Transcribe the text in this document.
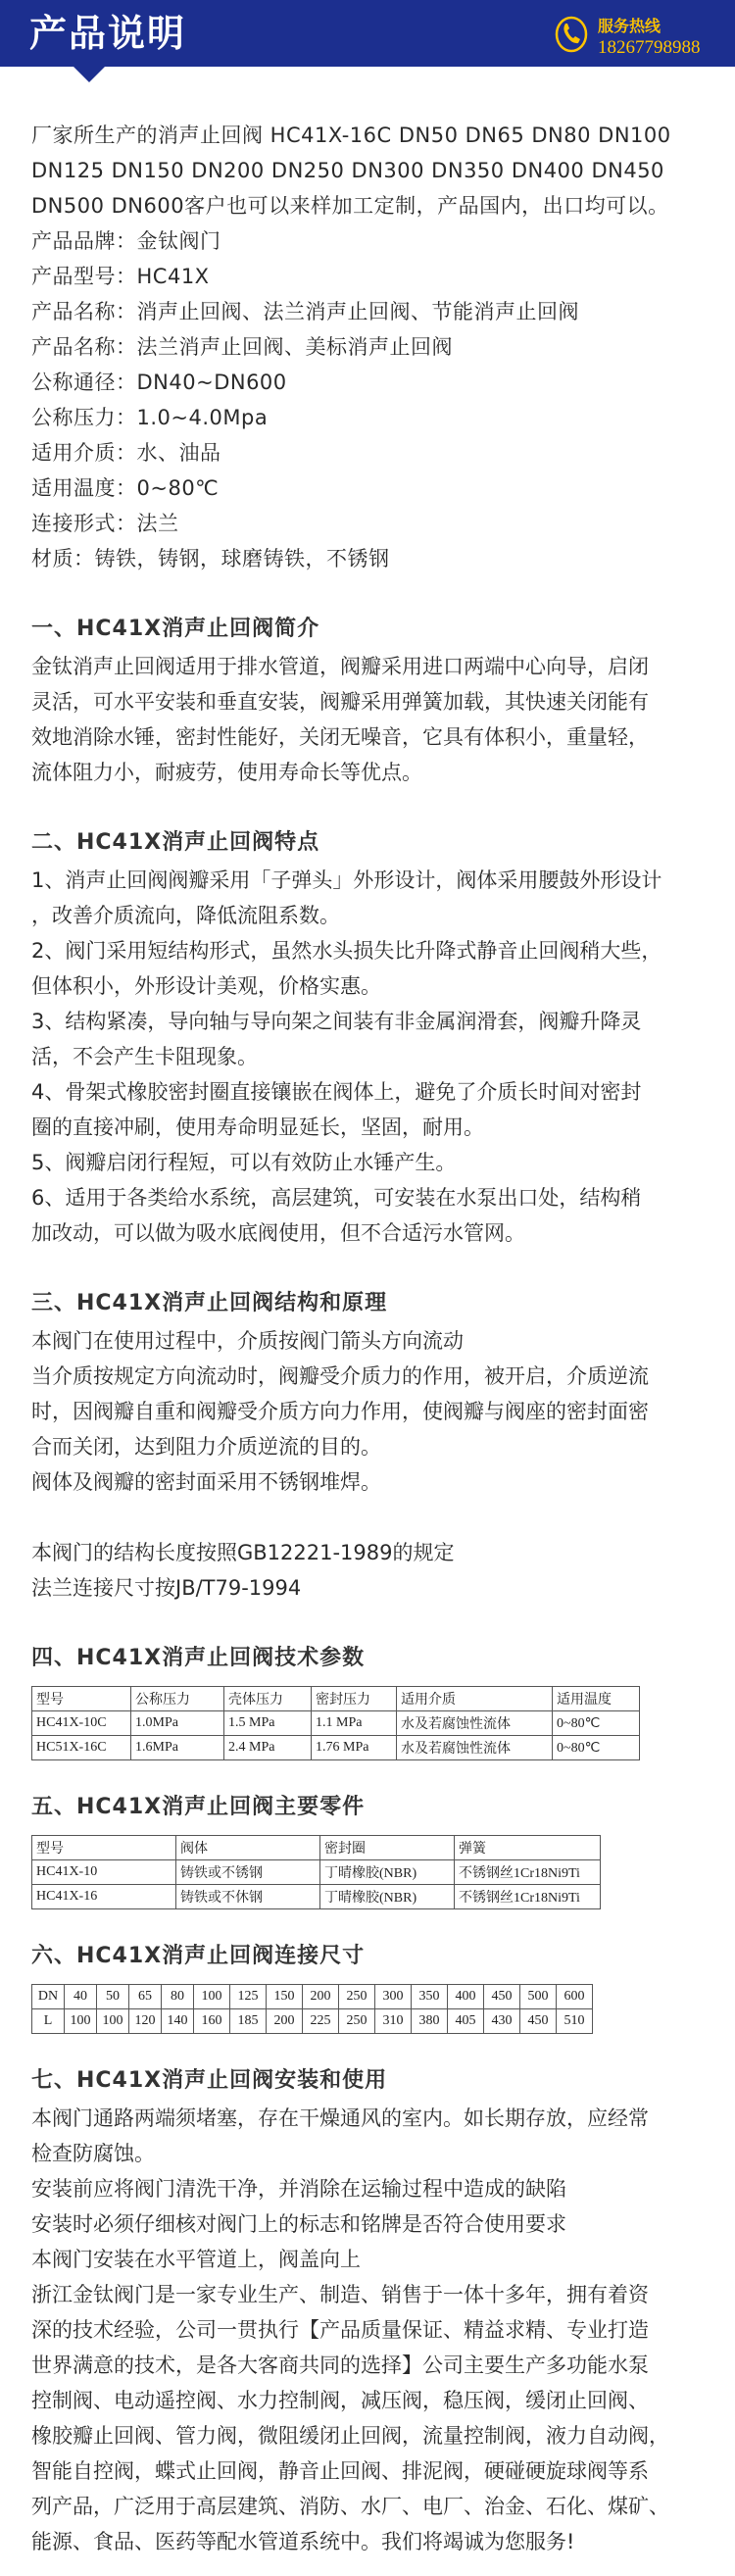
产品说明	服务热线
18267798988

厂家所生产的消声止回阀 HC41X-16C DN50 DN65 DN80 DN100

DN125 DN150 DN200 DN250 DN300 DN350 DN400 DN450

DN500 DN600客户也可以来样加工定制，产品国内，出口均可以。

产品品牌：金钛阀门

产品型号：HC41X

产品名称：消声止回阀、法兰消声止回阀、节能消声止回阀

产品名称：法兰消声止回阀、美标消声止回阀

公称通径：DN40~DN600

公称压力：1.0~4.0Mpa

适用介质：水、油品

适用温度：0~80℃

连接形式：法兰

材质：铸铁，铸钢，球磨铸铁，不锈钢

一、HC41X消声止回阀简介

金钛消声止回阀适用于排水管道，阀瓣采用进口两端中心向导，启闭

灵活，可水平安装和垂直安装，阀瓣采用弹簧加载，其快速关闭能有

效地消除水锤，密封性能好，关闭无噪音，它具有体积小，重量轻，

流体阻力小，耐疲劳，使用寿命长等优点。

二、HC41X消声止回阀特点

1、消声止回阀阀瓣采用「子弹头」外形设计，阀体采用腰鼓外形设计

，改善介质流向，降低流阻系数。

2、阀门采用短结构形式，虽然水头损失比升降式静音止回阀稍大些，

但体积小，外形设计美观，价格实惠。

3、结构紧凑，导向轴与导向架之间装有非金属润滑套，阀瓣升降灵

活，不会产生卡阻现象。

4、骨架式橡胶密封圈直接镶嵌在阀体上，避免了介质长时间对密封

圈的直接冲刷，使用寿命明显延长，坚固，耐用。

5、阀瓣启闭行程短，可以有效防止水锤产生。

6、适用于各类给水系统，高层建筑，可安装在水泵出口处，结构稍

加改动，可以做为吸水底阀使用，但不合适污水管网。

三、HC41X消声止回阀结构和原理

本阀门在使用过程中，介质按阀门箭头方向流动

当介质按规定方向流动时，阀瓣受介质力的作用，被开启，介质逆流

时，因阀瓣自重和阀瓣受介质方向力作用，使阀瓣与阀座的密封面密

合而关闭，达到阻力介质逆流的目的。

阀体及阀瓣的密封面采用不锈钢堆焊。

本阀门的结构长度按照GB12221-1989的规定

法兰连接尺寸按JB/T79-1994

四、HC41X消声止回阀技术参数
型号	公称压力	壳体压力	密封压力	适用介质	适用温度
HC41X-10C	1.0MPa	1.5 MPa	1.1 MPa	水及若腐蚀性流体	0~80℃
HC51X-16C	1.6MPa	2.4 MPa	1.76 MPa	水及若腐蚀性流体	0~80℃
五、HC41X消声止回阀主要零件
型号	阀体	密封圈	弹簧
HC41X-10	铸铁或不锈钢	丁晴橡胶(NBR)	不锈钢丝1Cr18Ni9Ti
HC41X-16	铸铁或不休钢	丁晴橡胶(NBR)	不锈钢丝1Cr18Ni9Ti
六、HC41X消声止回阀连接尺寸
DN	40	50	65	80	100	125	150	200	250	300	350	400	450	500	600
L	100	100	120	140	160	185	200	225	250	310	380	405	430	450	510
七、HC41X消声止回阀安装和使用

本阀门通路两端须堵塞，存在干燥通风的室内。如长期存放，应经常

检查防腐蚀。

安装前应将阀门清洗干净，并消除在运输过程中造成的缺陷

安装时必须仔细核对阀门上的标志和铭牌是否符合使用要求

本阀门安装在水平管道上，阀盖向上

浙江金钛阀门是一家专业生产、制造、销售于一体十多年，拥有着资

深的技术经验，公司一贯执行【产品质量保证、精益求精、专业打造

世界满意的技术，是各大客商共同的选择】公司主要生产多功能水泵

控制阀、电动遥控阀、水力控制阀，减压阀，稳压阀，缓闭止回阀、

橡胶瓣止回阀、管力阀，微阻缓闭止回阀，流量控制阀，液力自动阀，

智能自控阀，蝶式止回阀，静音止回阀、排泥阀，硬碰硬旋球阀等系

列产品，广泛用于高层建筑、消防、水厂、电厂、治金、石化、煤矿、

能源、食品、医药等配水管道系统中。我们将竭诚为您服务!
